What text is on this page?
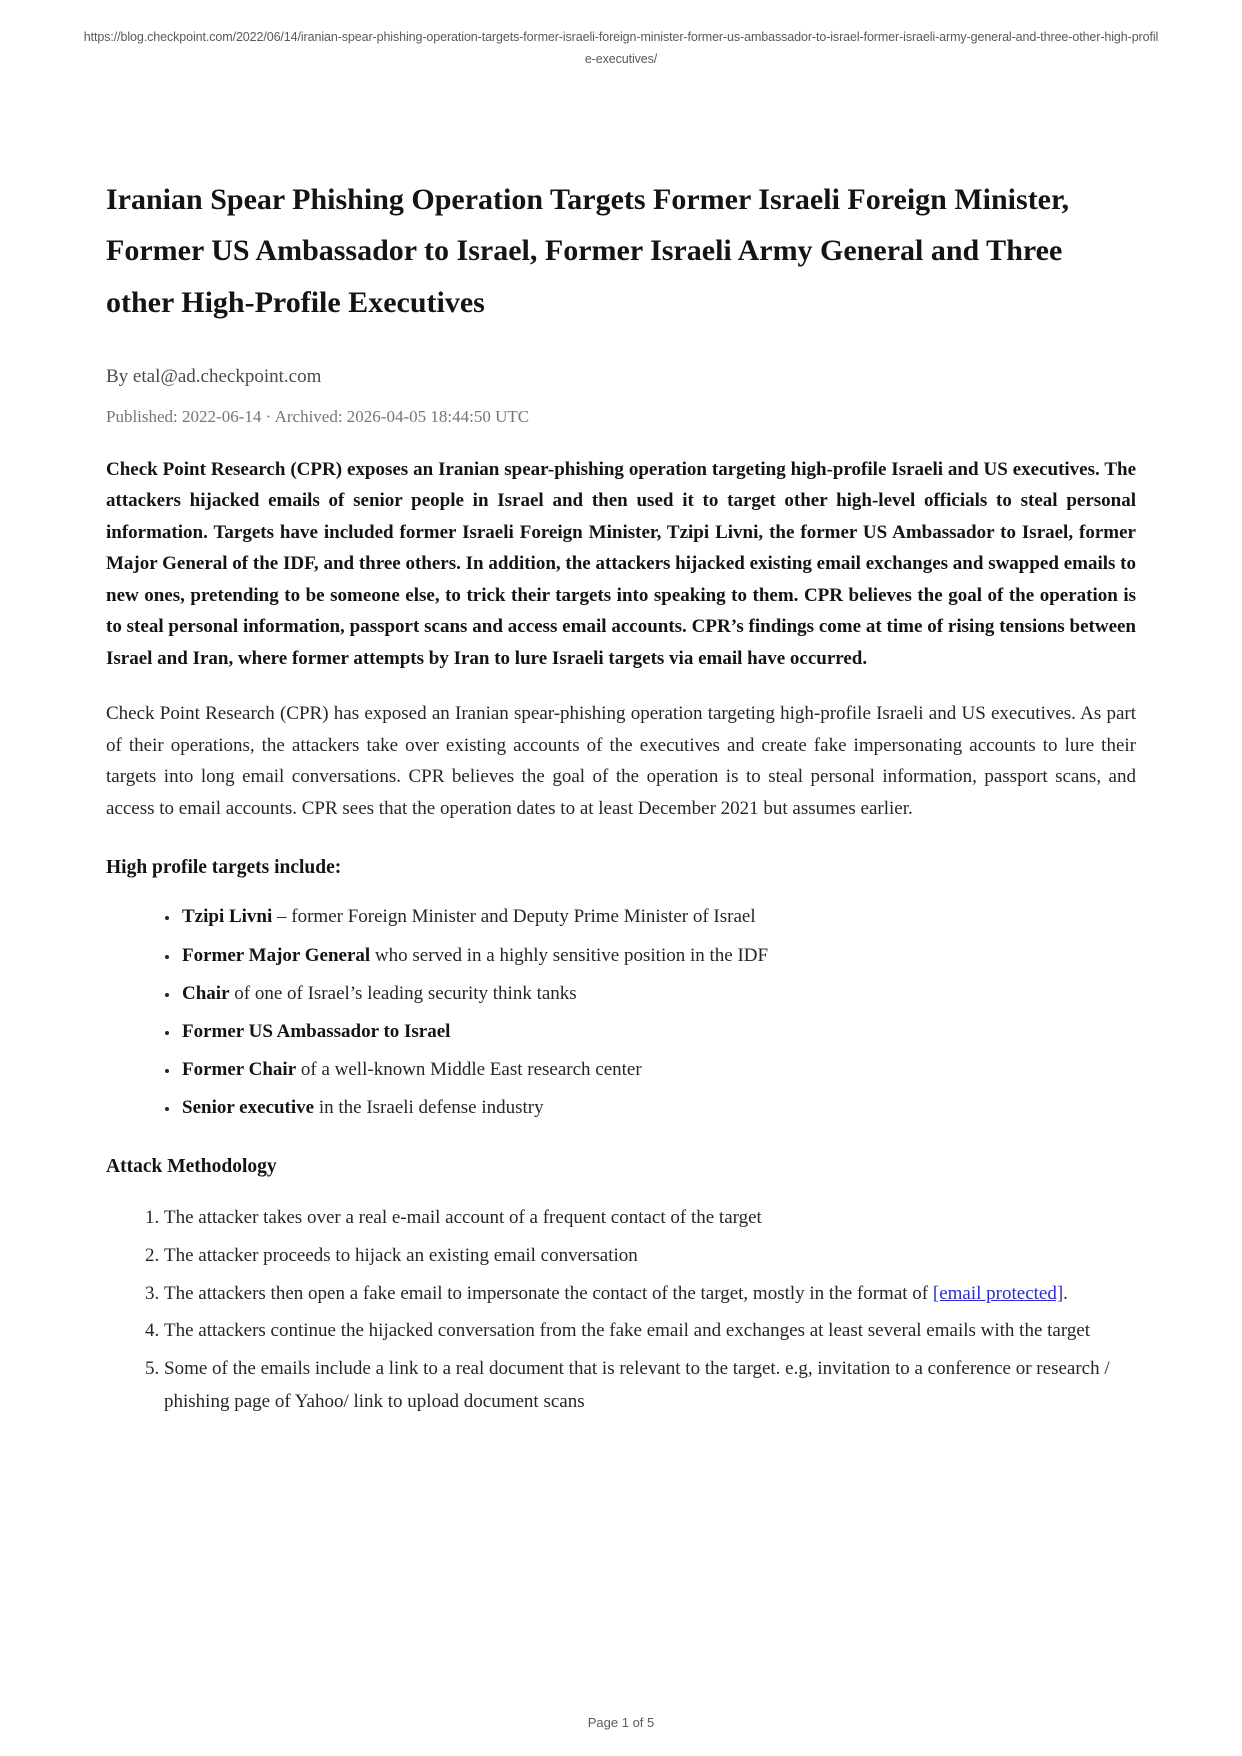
https://blog.checkpoint.com/2022/06/14/iranian-spear-phishing-operation-targets-former-israeli-foreign-minister-former-us-ambassador-to-israel-former-israeli-army-general-and-three-other-high-profile-executives/
Iranian Spear Phishing Operation Targets Former Israeli Foreign Minister, Former US Ambassador to Israel, Former Israeli Army General and Three other High-Profile Executives
By etal@ad.checkpoint.com
Published: 2022-06-14 · Archived: 2026-04-05 18:44:50 UTC

Check Point Research (CPR) exposes an Iranian spear-phishing operation targeting high-profile Israeli and US executives. The attackers hijacked emails of senior people in Israel and then used it to target other high-level officials to steal personal information. Targets have included former Israeli Foreign Minister, Tzipi Livni, the former US Ambassador to Israel, former Major General of the IDF, and three others. In addition, the attackers hijacked existing email exchanges and swapped emails to new ones, pretending to be someone else, to trick their targets into speaking to them. CPR believes the goal of the operation is to steal personal information, passport scans and access email accounts. CPR’s findings come at time of rising tensions between Israel and Iran, where former attempts by Iran to lure Israeli targets via email have occurred.

Check Point Research (CPR) has exposed an Iranian spear-phishing operation targeting high-profile Israeli and US executives. As part of their operations, the attackers take over existing accounts of the executives and create fake impersonating accounts to lure their targets into long email conversations. CPR believes the goal of the operation is to steal personal information, passport scans, and access to email accounts. CPR sees that the operation dates to at least December 2021 but assumes earlier.

High profile targets include:
• Tzipi Livni – former Foreign Minister and Deputy Prime Minister of Israel
• Former Major General who served in a highly sensitive position in the IDF
• Chair of one of Israel’s leading security think tanks
• Former US Ambassador to Israel
• Former Chair of a well-known Middle East research center
• Senior executive in the Israeli defense industry
Attack Methodology
1. The attacker takes over a real e-mail account of a frequent contact of the target
2. The attacker proceeds to hijack an existing email conversation
3. The attackers then open a fake email to impersonate the contact of the target, mostly in the format of [email protected].
4. The attackers continue the hijacked conversation from the fake email and exchanges at least several emails with the target
5. Some of the emails include a link to a real document that is relevant to the target. e.g, invitation to a conference or research / phishing page of Yahoo/ link to upload document scans
Page 1 of 5
